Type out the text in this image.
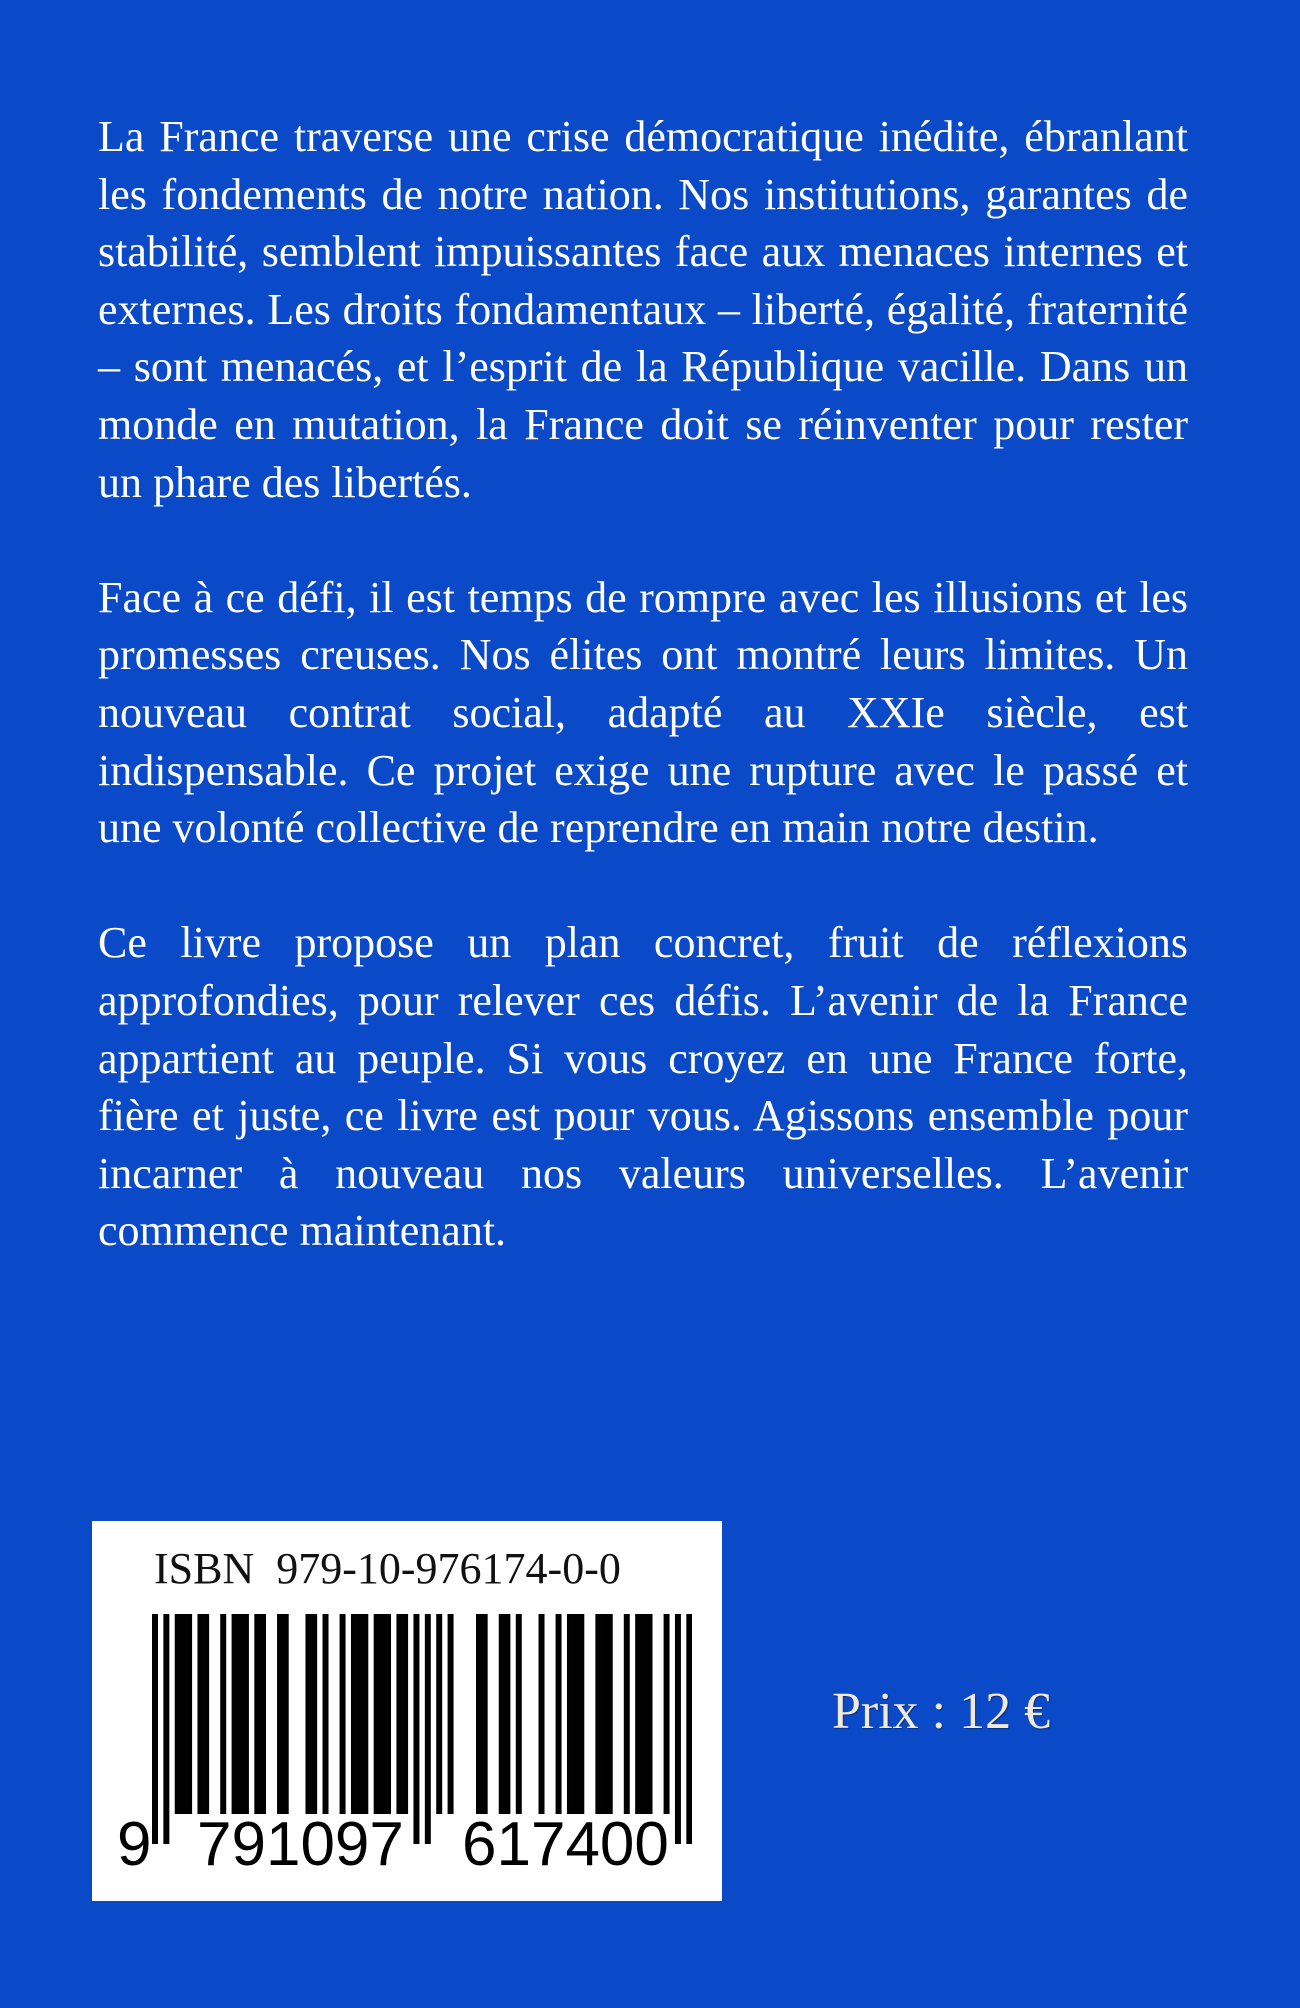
La France traverse une crise démocratique inédite, ébranlant les fondements de notre nation. Nos institutions, garantes de stabilité, semblent impuissantes face aux menaces internes et externes. Les droits fondamentaux – liberté, égalité, fraternité – sont menacés, et l’esprit de la République vacille. Dans un monde en mutation, la France doit se réinventer pour rester un phare des libertés.

Face à ce défi, il est temps de rompre avec les illusions et les promesses creuses. Nos élites ont montré leurs limites. Un nouveau contrat social, adapté au XXIe siècle, est indispensable. Ce projet exige une rupture avec le passé et une volonté collective de reprendre en main notre destin.

Ce livre propose un plan concret, fruit de réflexions approfondies, pour relever ces défis. L’avenir de la France appartient au peuple. Si vous croyez en une France forte, fière et juste, ce livre est pour vous. Agissons ensemble pour incarner à nouveau nos valeurs universelles. L’avenir commence maintenant.

ISBN  979-10-976174-0-0
9 791097 617400
Prix : 12 €
